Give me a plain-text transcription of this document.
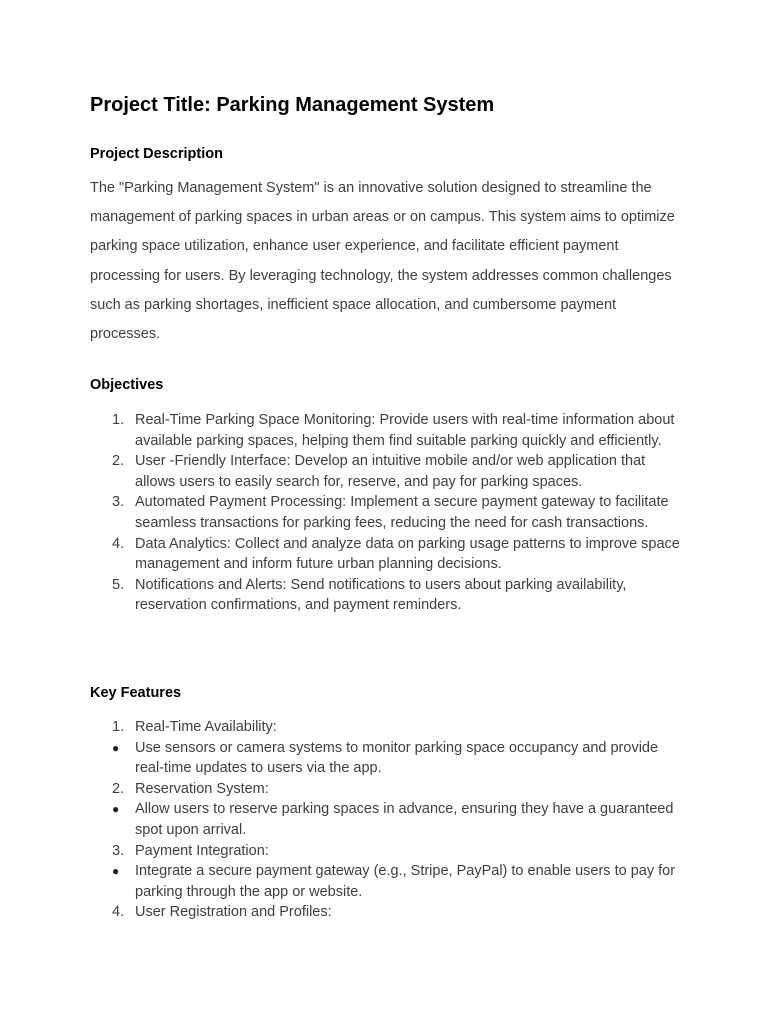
Project Title: Parking Management System
Project Description

The "Parking Management System" is an innovative solution designed to streamline the management of parking spaces in urban areas or on campus. This system aims to optimize parking space utilization, enhance user experience, and facilitate efficient payment processing for users. By leveraging technology, the system addresses common challenges such as parking shortages, inefficient space allocation, and cumbersome payment processes.

Objectives
1. Real-Time Parking Space Monitoring: Provide users with real-time information about available parking spaces, helping them find suitable parking quickly and efficiently.
2. User -Friendly Interface: Develop an intuitive mobile and/or web application that allows users to easily search for, reserve, and pay for parking spaces.
3. Automated Payment Processing: Implement a secure payment gateway to facilitate seamless transactions for parking fees, reducing the need for cash transactions.
4. Data Analytics: Collect and analyze data on parking usage patterns to improve space management and inform future urban planning decisions.
5. Notifications and Alerts: Send notifications to users about parking availability, reservation confirmations, and payment reminders.
Key Features
1. Real-Time Availability:
● Use sensors or camera systems to monitor parking space occupancy and provide real-time updates to users via the app.
2. Reservation System:
● Allow users to reserve parking spaces in advance, ensuring they have a guaranteed spot upon arrival.
3. Payment Integration:
● Integrate a secure payment gateway (e.g., Stripe, PayPal) to enable users to pay for parking through the app or website.
4. User Registration and Profiles:
